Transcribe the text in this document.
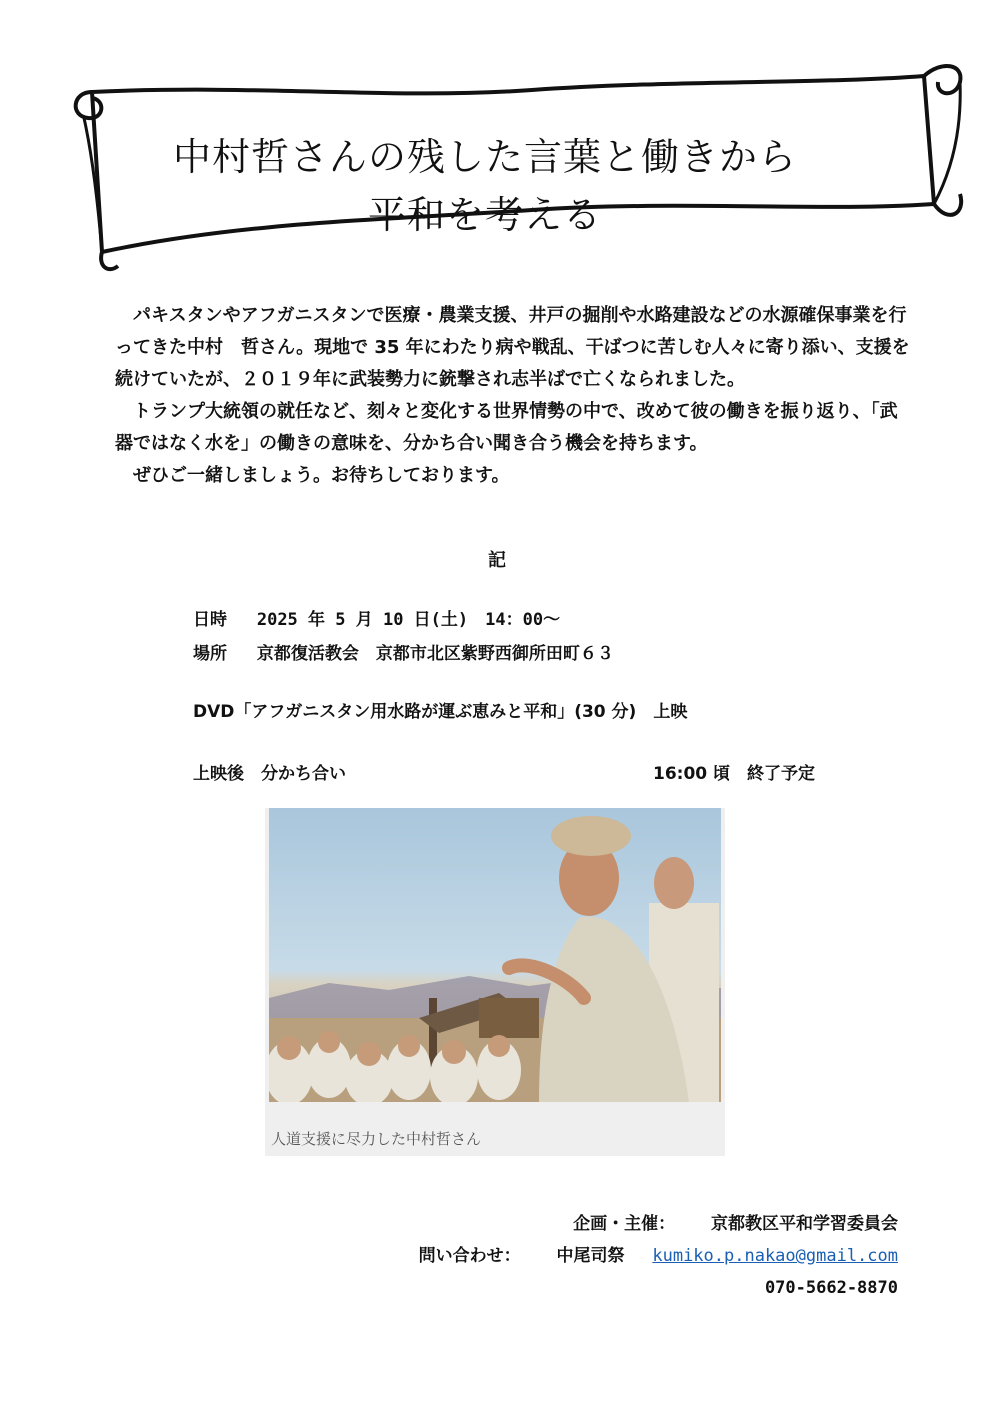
中村哲さんの残した言葉と働きから
平和を考える

パキスタンやアフガニスタンで医療・農業支援、井戸の掘削や水路建設などの水源確保事業を行ってきた中村　哲さん。現地で 35 年にわたり病や戦乱、干ばつに苦しむ人々に寄り添い、支援を続けていたが、２０１９年に武装勢力に銃撃され志半ばで亡くなられました。

トランプ大統領の就任など、刻々と変化する世界情勢の中で、改めて彼の働きを振り返り、「武器ではなく水を」の働きの意味を、分かち合い聞き合う機会を持ちます。

ぜひご一緒しましょう。お待ちしております。

記
日時 2025 年 5 月 10 日(土)　14：00～
場所 京都復活教会　京都市北区紫野西御所田町６３
DVD「アフガニスタン用水路が運ぶ恵みと平和」(30 分)　上映
上映後　分かち合い	16:00 頃　終了予定
人道支援に尽力した中村哲さん
企画・主催： 京都教区平和学習委員会
問い合わせ： 中尾司祭 kumiko.p.nakao@gmail.com
070-5662-8870
